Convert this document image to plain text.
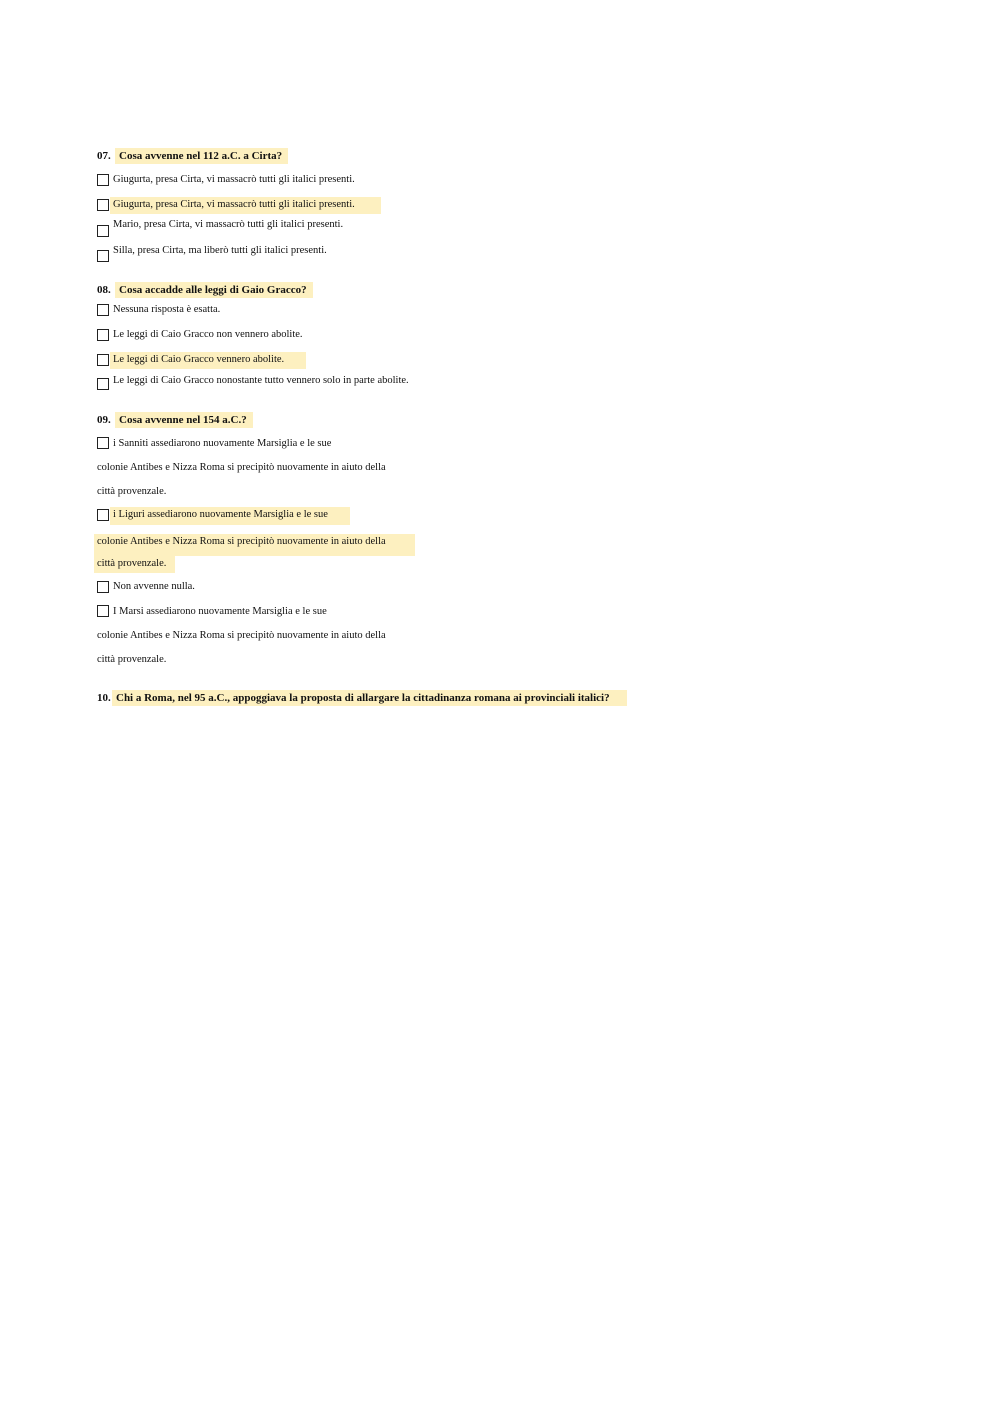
07. Cosa avvenne nel 112 a.C. a Cirta?
Giugurta, presa Cirta, vi massacrò tutti gli italici presenti.
Giugurta, presa Cirta, vi massacrò tutti gli italici presenti.
Mario, presa Cirta, vi massacrò tutti gli italici presenti.
Silla, presa Cirta, ma liberò tutti gli italici presenti.
08. Cosa accadde alle leggi di Gaio Gracco?
Nessuna risposta è esatta.
Le leggi di Caio Gracco non vennero abolite.
Le leggi di Caio Gracco vennero abolite.
Le leggi di Caio Gracco nonostante tutto vennero solo in parte abolite.
09. Cosa avvenne nel 154 a.C.?
i Sanniti assediarono nuovamente Marsiglia e le sue
colonie Antibes e Nizza Roma si precipitò nuovamente in aiuto della
città provenzale.
i Liguri assediarono nuovamente Marsiglia e le sue
colonie Antibes e Nizza Roma si precipitò nuovamente in aiuto della
città provenzale.
Non avvenne nulla.
I Marsi assediarono nuovamente Marsiglia e le sue
colonie Antibes e Nizza Roma si precipitò nuovamente in aiuto della
città provenzale.
10. Chi a Roma, nel 95 a.C., appoggiava la proposta di allargare la cittadinanza romana ai provinciali italici?
